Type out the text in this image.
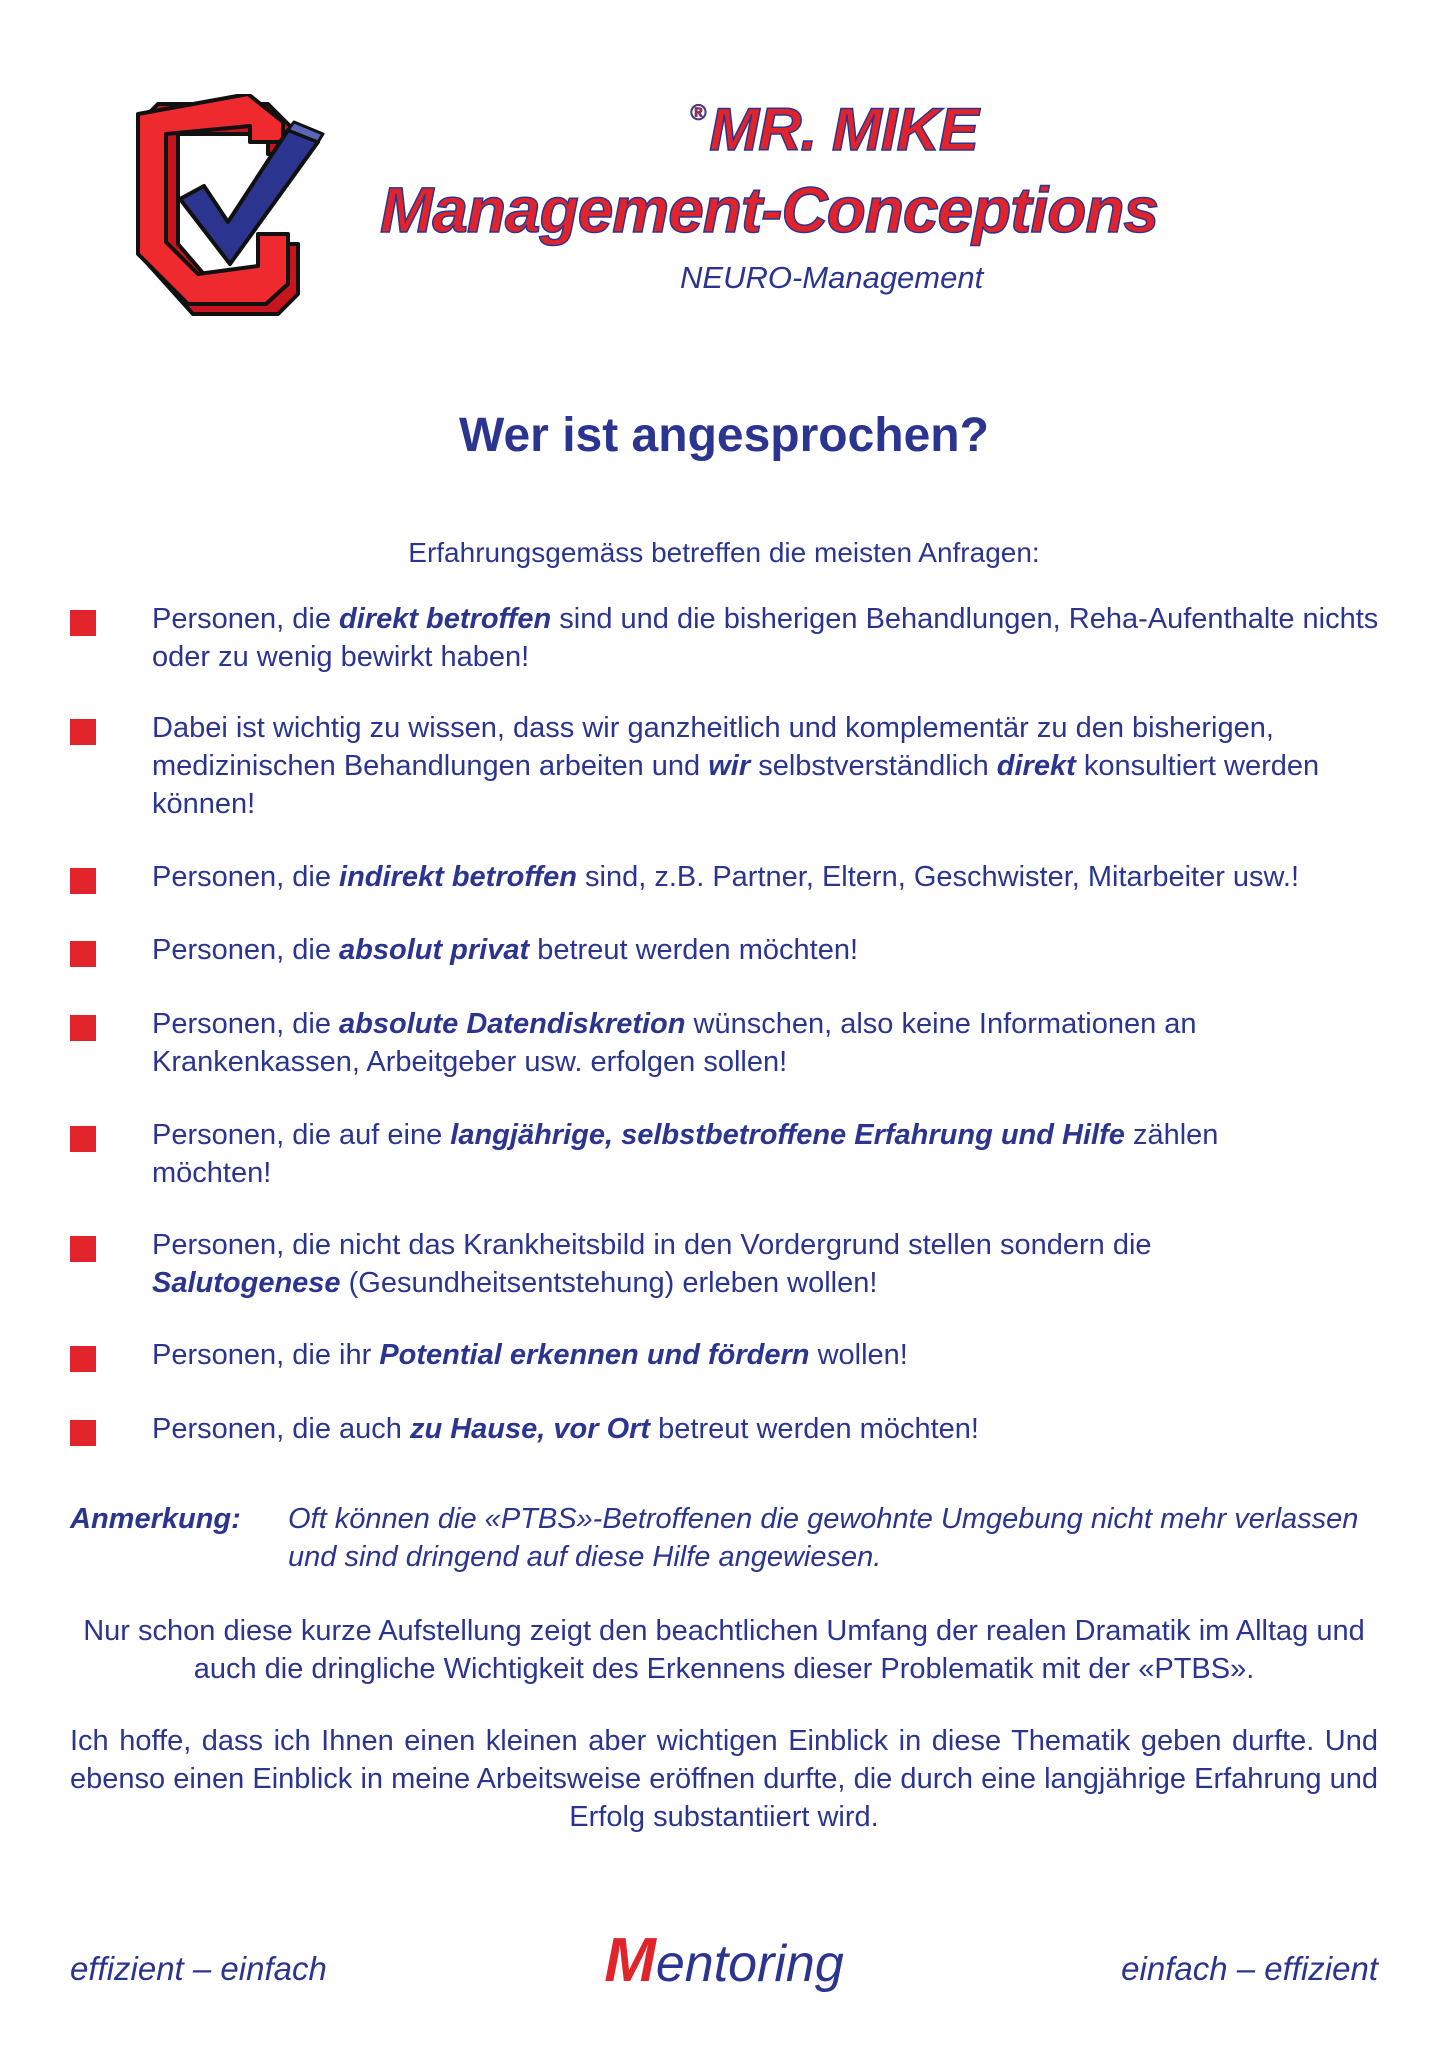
®MR. MIKE
Management-Conceptions
NEURO-Management
Wer ist angesprochen?
Erfahrungsgemäss betreffen die meisten Anfragen:
Personen, die direkt betroffen sind und die bisherigen Behandlungen, Reha-Aufenthalte nichts oder zu wenig bewirkt haben!
Dabei ist wichtig zu wissen, dass wir ganzheitlich und komplementär zu den bisherigen, medizinischen Behandlungen arbeiten und wir selbstverständlich direkt konsultiert werden können!
Personen, die indirekt betroffen sind, z.B. Partner, Eltern, Geschwister, Mitarbeiter usw.!
Personen, die absolut privat betreut werden möchten!
Personen, die absolute Datendiskretion wünschen, also keine Informationen an Krankenkassen, Arbeitgeber usw. erfolgen sollen!
Personen, die auf eine langjährige, selbstbetroffene Erfahrung und Hilfe zählen möchten!
Personen, die nicht das Krankheitsbild in den Vordergrund stellen sondern die Salutogenese (Gesundheitsentstehung) erleben wollen!
Personen, die ihr Potential erkennen und fördern wollen!
Personen, die auch zu Hause, vor Ort betreut werden möchten!
Anmerkung: Oft können die «PTBS»-Betroffenen die gewohnte Umgebung nicht mehr verlassen und sind dringend auf diese Hilfe angewiesen.
Nur schon diese kurze Aufstellung zeigt den beachtlichen Umfang der realen Dramatik im Alltag und auch die dringliche Wichtigkeit des Erkennens dieser Problematik mit der «PTBS».
Ich hoffe, dass ich Ihnen einen kleinen aber wichtigen Einblick in diese Thematik geben durfte. Und ebenso einen Einblick in meine Arbeitsweise eröffnen durfte, die durch eine langjährige Erfahrung und Erfolg substantiiert wird.
effizient – einfach	Mentoring	einfach – effizient
